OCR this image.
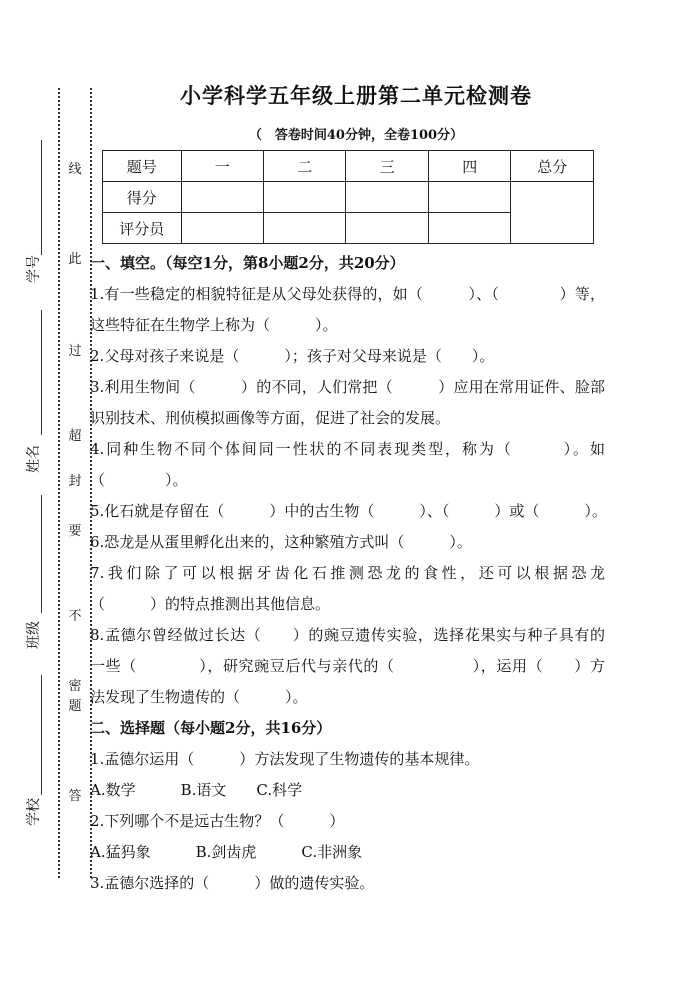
线
此
过
超
封
要
不
密
题
答
学号
姓名
班级
学校
小学科学五年级上册第二单元检测卷
（　答卷时间40分钟，全卷100分）
题号	一	二	三	四	总分
得分					
评分员					
一、填空。（每空1分，第8小题2分，共20分）
1.有一些稳定的相貌特征是从父母处获得的，如（　　　）、（　　　　）等，
这些特征在生物学上称为（　　　）。
2.父母对孩子来说是（　　　）；孩子对父母来说是（　　）。
3.利用生物间（　　　）的不同，人们常把（　　　）应用在常用证件、脸部
识别技术、刑侦模拟画像等方面，促进了社会的发展。
4.同种生物不同个体间同一性状的不同表现类型，称为（　　　）。如
（　　　　）。
5.化石就是存留在（　　　）中的古生物（　　　）、（　　　）或（　　　）。
6.恐龙是从蛋里孵化出来的，这种繁殖方式叫（　　　）。
7.我们除了可以根据牙齿化石推测恐龙的食性，还可以根据恐龙
（　　　）的特点推测出其他信息。
8.孟德尔曾经做过长达（　　）的豌豆遗传实验，选择花果实与种子具有的
一些（　　　　），研究豌豆后代与亲代的（　　　　　），运用（　　）方
法发现了生物遗传的（　　　）。
二、选择题（每小题2分，共16分）
1.孟德尔运用（　　　）方法发现了生物遗传的基本规律。
A.数学　　　B.语文　　C.科学
2.下列哪个不是远古生物？（　　　）
A.猛犸象　　　B.剑齿虎　　　C.非洲象
3.孟德尔选择的（　　　）做的遗传实验。
